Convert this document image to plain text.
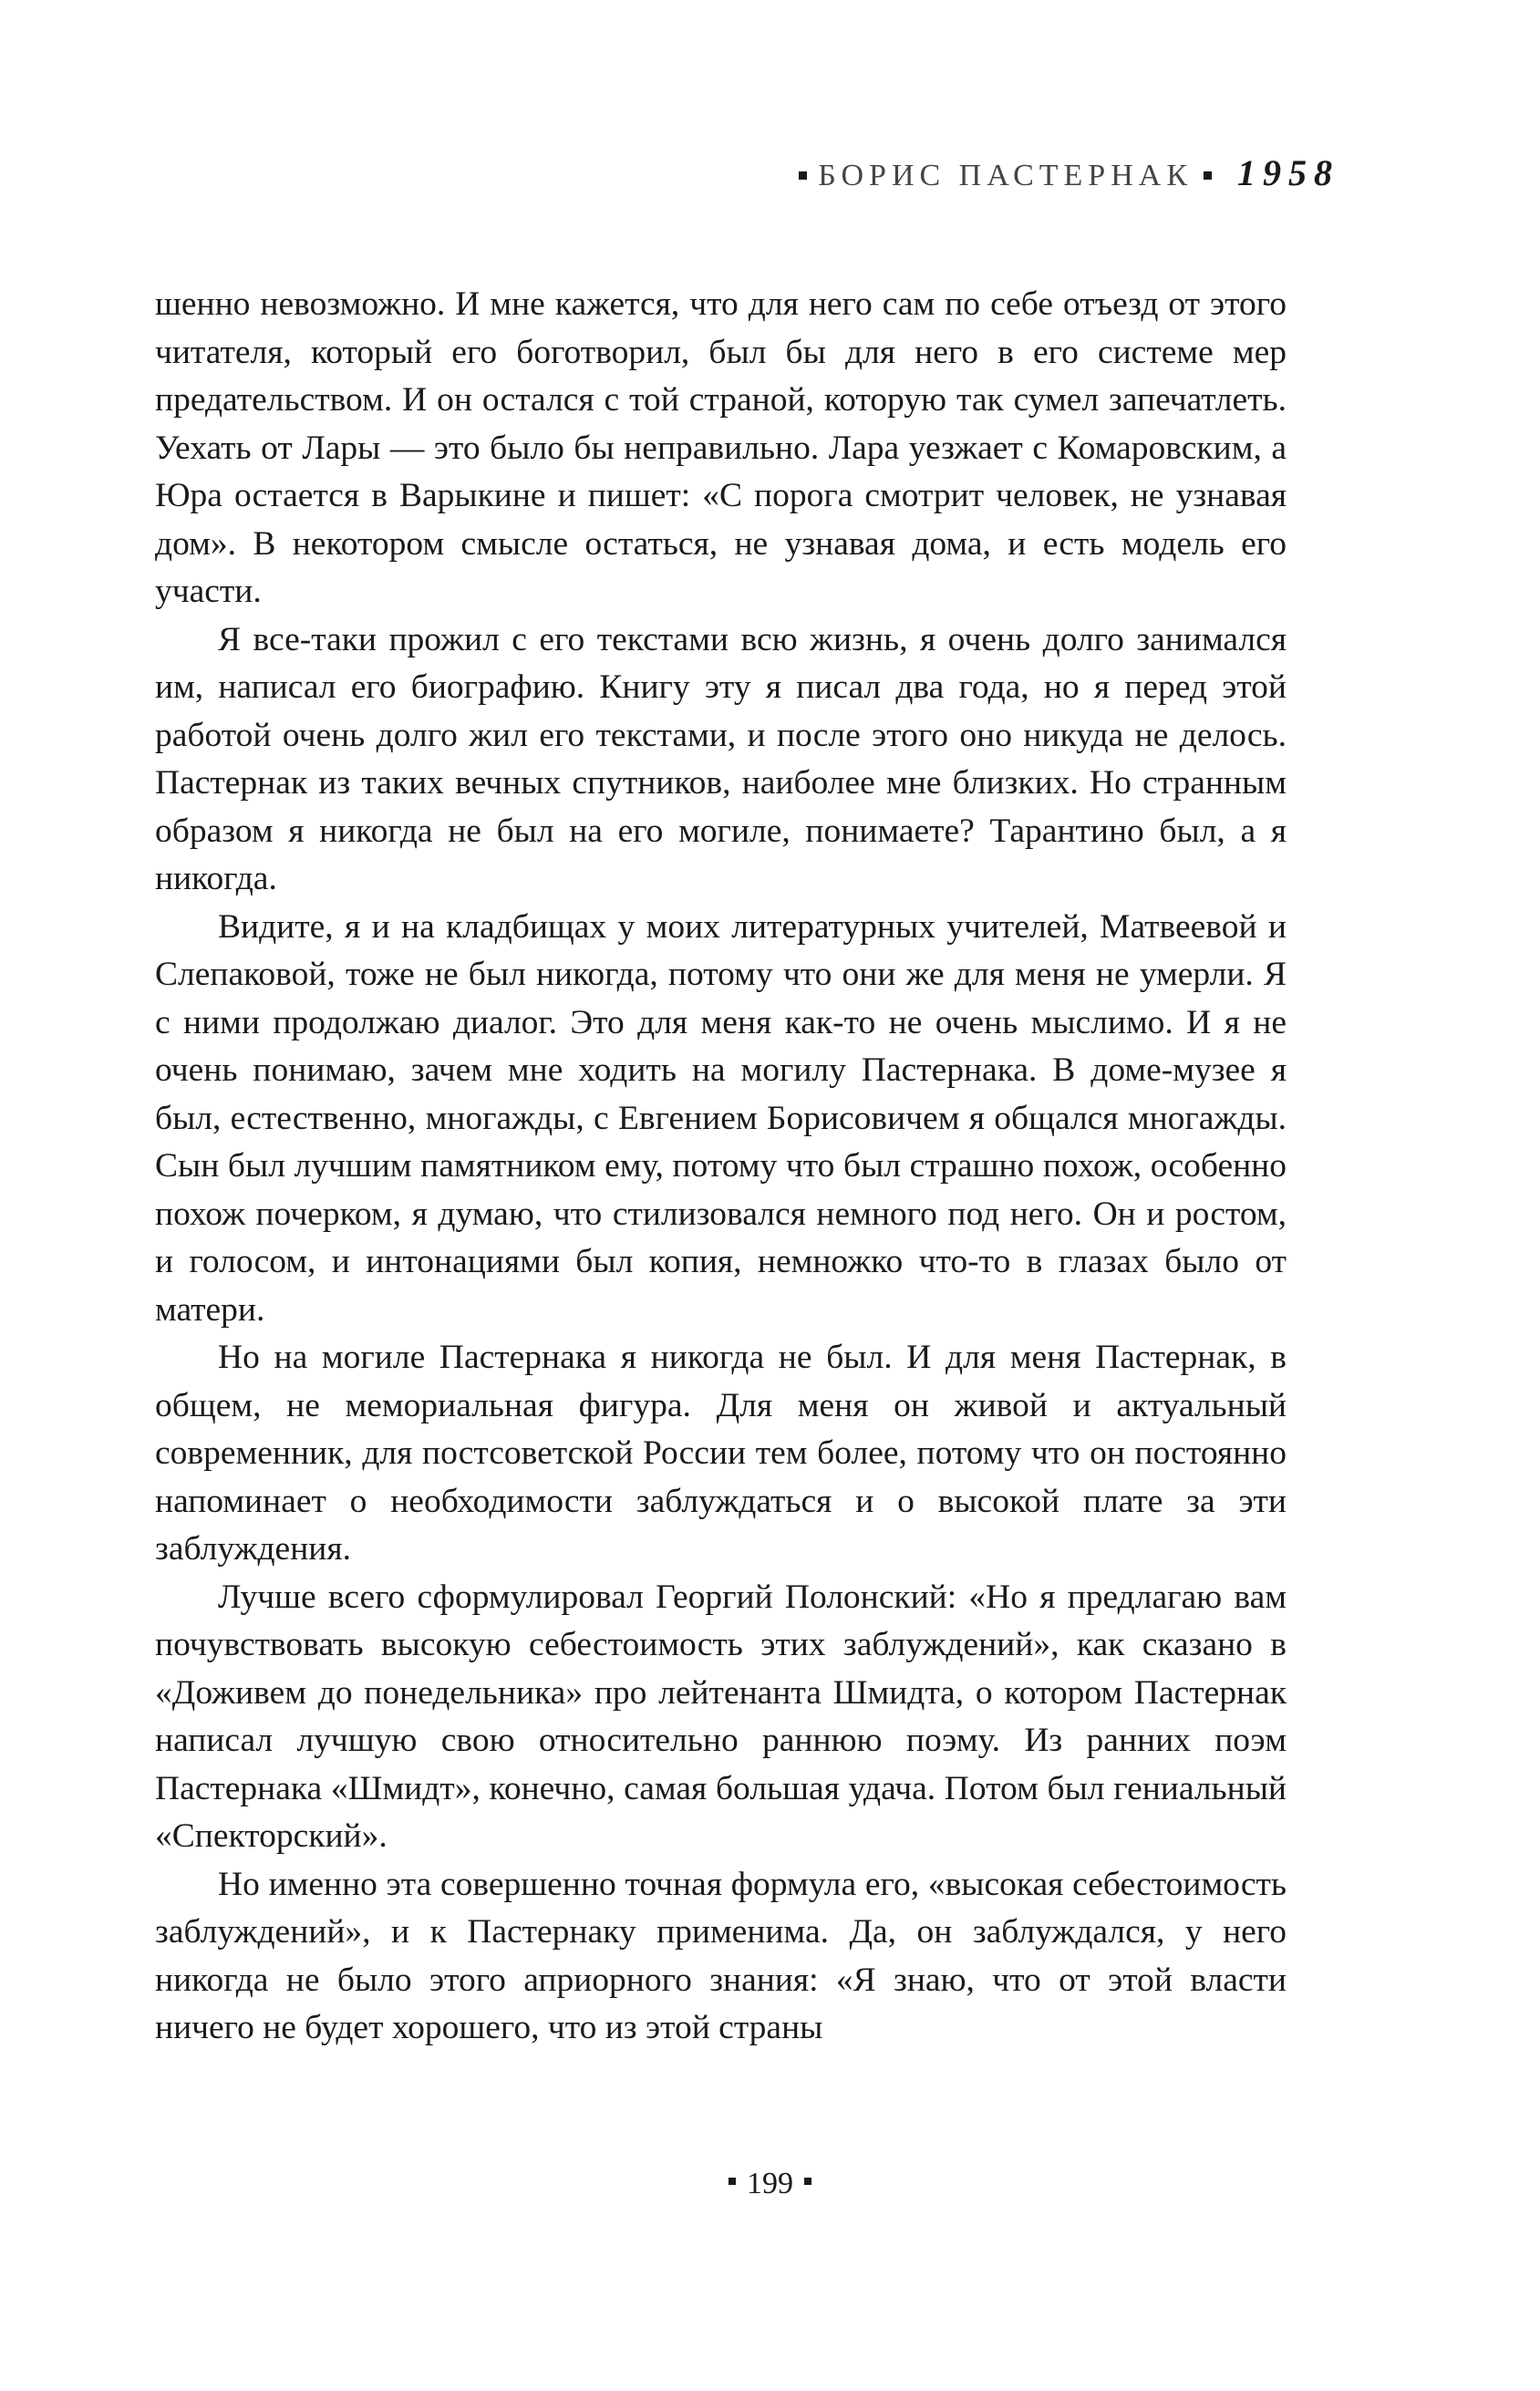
БОРИС ПАСТЕРНАК 1958

шенно невозможно. И мне кажется, что для него сам по себе отъезд от этого читателя, который его боготворил, был бы для него в его системе мер предательством. И он остался с той страной, которую так сумел запечатлеть. Уехать от Лары — это было бы неправильно. Лара уезжает с Комаровским, а Юра остается в Варыкине и пишет: «С порога смотрит человек, не узнавая дом». В некотором смысле остаться, не узнавая дома, и есть модель его участи.

Я все-таки прожил с его текстами всю жизнь, я очень долго занимался им, написал его биографию. Книгу эту я писал два года, но я перед этой работой очень долго жил его текстами, и после этого оно никуда не делось. Пастернак из таких вечных спутников, наиболее мне близких. Но странным образом я никогда не был на его могиле, понимаете? Тарантино был, а я никогда.

Видите, я и на кладбищах у моих литературных учителей, Матвеевой и Слепаковой, тоже не был никогда, потому что они же для меня не умерли. Я с ними продолжаю диалог. Это для меня как-то не очень мыслимо. И я не очень понимаю, зачем мне ходить на могилу Пастернака. В доме-музее я был, естественно, многажды, с Евгением Борисовичем я общался многажды. Сын был лучшим памятником ему, потому что был страшно похож, особенно похож почерком, я думаю, что стилизовался немного под него. Он и ростом, и голосом, и интонациями был копия, немножко что-то в глазах было от матери.

Но на могиле Пастернака я никогда не был. И для меня Пастернак, в общем, не мемориальная фигура. Для меня он живой и актуальный современник, для постсоветской России тем более, потому что он постоянно напоминает о необходимости заблуждаться и о высокой плате за эти заблуждения.

Лучше всего сформулировал Георгий Полонский: «Но я предлагаю вам почувствовать высокую себестоимость этих заблуждений», как сказано в «Доживем до понедельника» про лейтенанта Шмидта, о котором Пастернак написал лучшую свою относительно раннюю поэму. Из ранних поэм Пастернака «Шмидт», конечно, самая большая удача. Потом был гениальный «Спекторский».

Но именно эта совершенно точная формула его, «высокая себестоимость заблуждений», и к Пастернаку применима. Да, он заблуждался, у него никогда не было этого априорного знания: «Я знаю, что от этой власти ничего не будет хорошего, что из этой страны

199
